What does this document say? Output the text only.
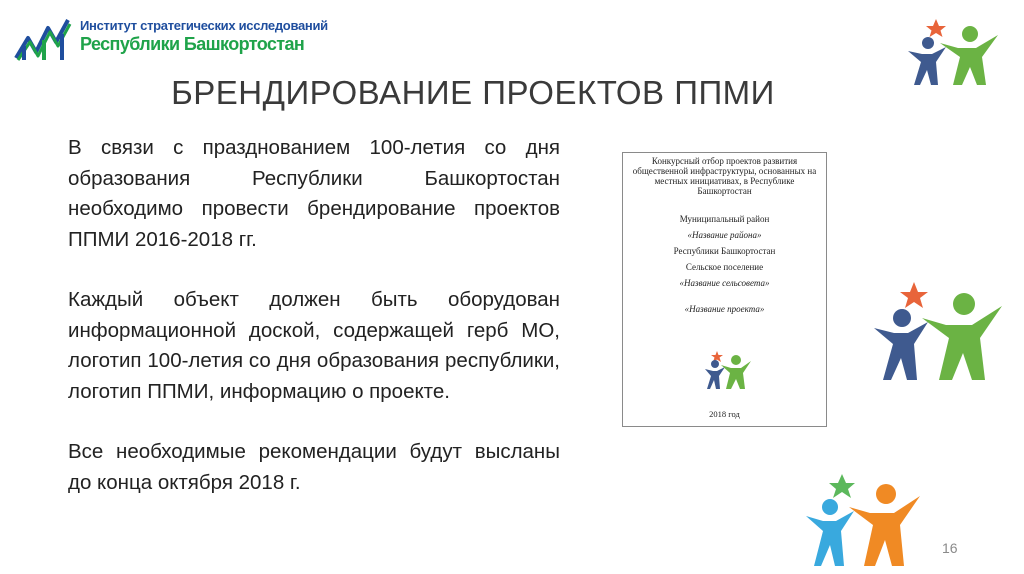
Институт стратегических исследований
Республики Башкортостан
БРЕНДИРОВАНИЕ ПРОЕКТОВ ППМИ

В связи с празднованием 100-летия со дня образования Республики Башкортостан необходимо провести брендирование проектов ППМИ 2016-2018 гг.

Каждый объект должен быть оборудован информационной доской, содержащей герб МО, логотип 100-летия со дня образования республики, логотип ППМИ, информацию о проекте.

Все необходимые рекомендации будут высланы до конца октября 2018 г.

Конкурсный отбор проектов развития общественной инфраструктуры, основанных на местных инициативах, в Республике Башкортостан
Муниципальный район
«Название района»
Республики Башкортостан
Сельское поселение
«Название сельсовета»
«Название проекта»
2018 год
16
